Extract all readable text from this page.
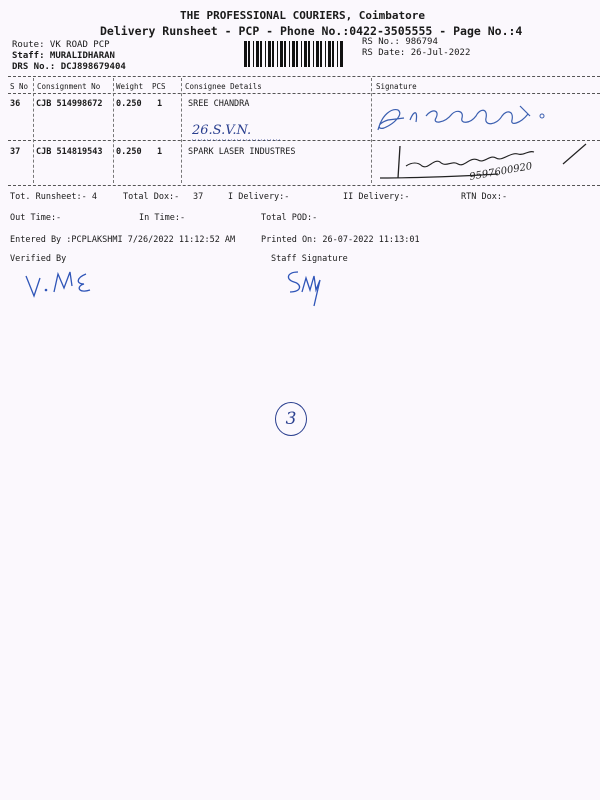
THE PROFESSIONAL COURIERS, Coimbatore
Delivery Runsheet - PCP - Phone No.:0422-3505555 - Page No.:4
Route: VK ROAD PCP
Staff: MURALIDHARAN
DRS No.: DCJ898679404
RS No.: 986794
RS Date: 26-Jul-2022
S No Consignment No Weight PCS	Consignee Details	Signature
36 CJB 514998672 0.250 1	SREE CHANDRA
26.S.V.N.
37 CJB 514819543 0.250 1	SPARK LASER INDUSTRES
9597600920
Tot. Runsheet:- 4	Total Dox:- 37	I Delivery:-	II Delivery:-	RTN Dox:-
Out Time:-	In Time:-	Total POD:-
Entered By :PCPLAKSHMI 7/26/2022 11:12:52 AM	Printed On: 26-07-2022 11:13:01
Verified By	Staff Signature
3
